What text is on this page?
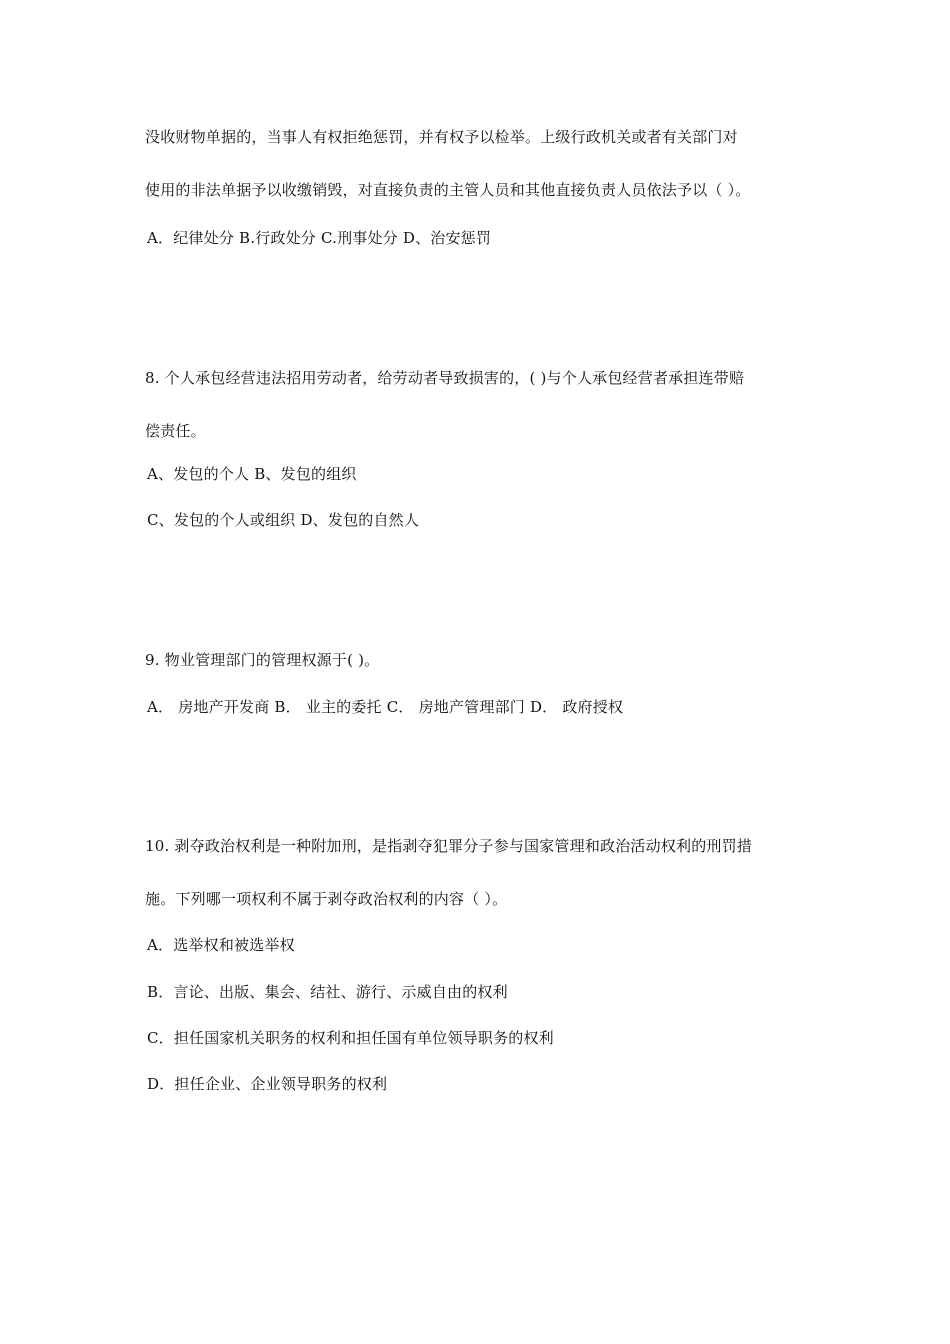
没收财物单据的，当事人有权拒绝惩罚，并有权予以检举。上级行政机关或者有关部门对
使用的非法单据予以收缴销毁，对直接负责的主管人员和其他直接负责人员依法予以（ ）。
A．纪律处分 B.行政处分 C.刑事处分 D、治安惩罚
8. 个人承包经营违法招用劳动者，给劳动者导致损害的，( )与个人承包经营者承担连带赔
偿责任。
A、发包的个人 B、发包的组织
C、发包的个人或组织 D、发包的自然人
9. 物业管理部门的管理权源于( )。
A． 房地产开发商 B． 业主的委托 C． 房地产管理部门 D． 政府授权
10. 剥夺政治权利是一种附加刑，是指剥夺犯罪分子参与国家管理和政治活动权利的刑罚措
施。下列哪一项权利不属于剥夺政治权利的内容（ ）。
A．选举权和被选举权
B．言论、出版、集会、结社、游行、示威自由的权利
C．担任国家机关职务的权利和担任国有单位领导职务的权利
D．担任企业、企业领导职务的权利
